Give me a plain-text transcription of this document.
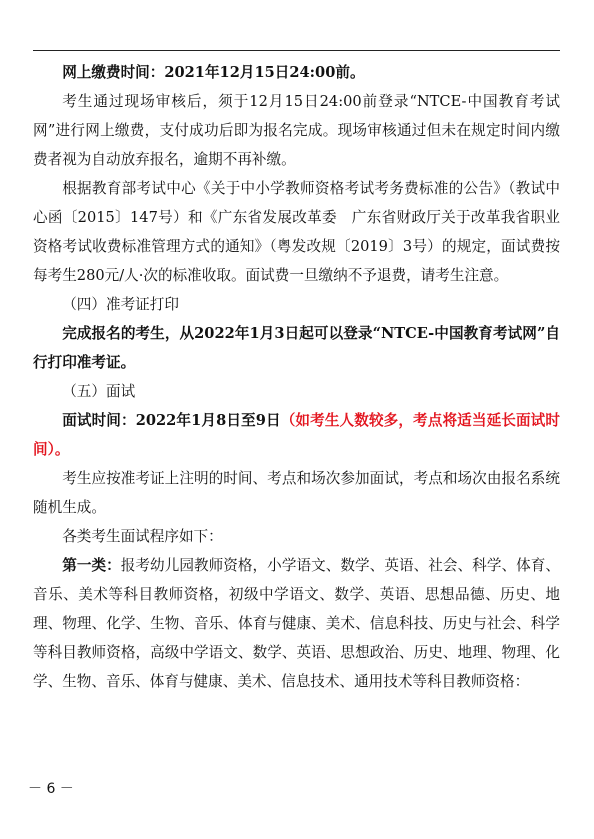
网上缴费时间：2021年12月15日24:00前。

考生通过现场审核后，须于12月15日24:00前登录“NTCE-中国教育考试网”进行网上缴费，支付成功后即为报名完成。现场审核通过但未在规定时间内缴费者视为自动放弃报名，逾期不再补缴。

根据教育部考试中心《关于中小学教师资格考试考务费标准的公告》（教试中心函〔2015〕147号）和《广东省发展改革委　广东省财政厅关于改革我省职业资格考试收费标准管理方式的通知》（粤发改规〔2019〕3号）的规定，面试费按每考生280元/人·次的标准收取。面试费一旦缴纳不予退费，请考生注意。

（四）准考证打印

完成报名的考生，从2022年1月3日起可以登录“NTCE-中国教育考试网”自行打印准考证。

（五）面试

面试时间：2022年1月8日至9日（如考生人数较多，考点将适当延长面试时间）。

考生应按准考证上注明的时间、考点和场次参加面试，考点和场次由报名系统随机生成。

各类考生面试程序如下：

第一类：报考幼儿园教师资格，小学语文、数学、英语、社会、科学、体育、音乐、美术等科目教师资格，初级中学语文、数学、英语、思想品德、历史、地理、物理、化学、生物、音乐、体育与健康、美术、信息科技、历史与社会、科学等科目教师资格，高级中学语文、数学、英语、思想政治、历史、地理、物理、化学、生物、音乐、体育与健康、美术、信息技术、通用技术等科目教师资格：

－ 6 －
